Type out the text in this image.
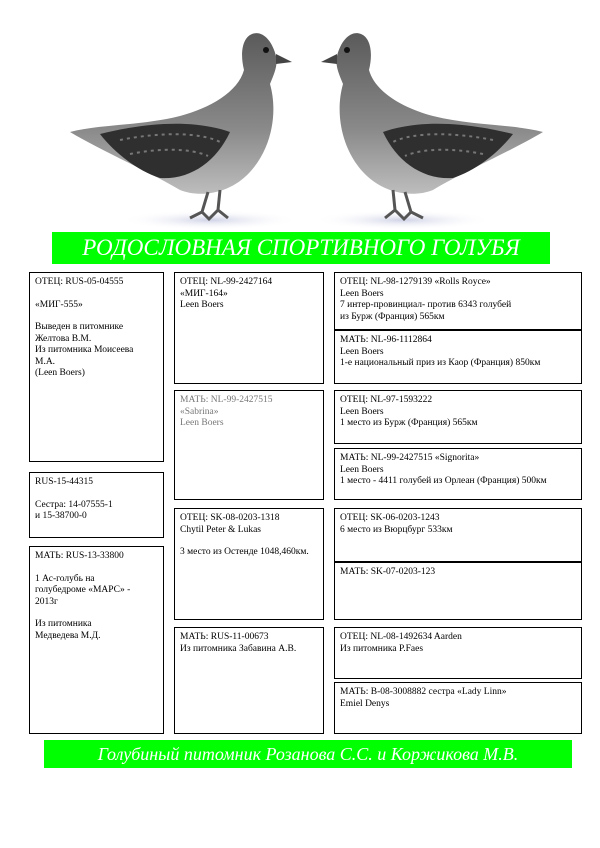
РОДОСЛОВНАЯ СПОРТИВНОГО ГОЛУБЯ
ОТЕЦ: RUS-05-04555
«МИГ-555»
Выведен в питомнике
Желтова В.М.
Из питомника Моисеева
М.А.
(Leen Boers)
RUS-15-44315
Сестра: 14-07555-1
и 15-38700-0
МАТЬ: RUS-13-33800
1 Ас-голубь на
голубедроме «МАРС» -
2013г
Из питомника
Медведева М.Д.
ОТЕЦ: NL-99-2427164
«МИГ-164»
Leen Boers
МАТЬ: NL-99-2427515
«Sabrina»
Leen Boers
ОТЕЦ: SK-08-0203-1318
Chytil Peter & Lukas
3 место из Остенде 1048,460км.
МАТЬ: RUS-11-00673
Из питомника Забавина А.В.
ОТЕЦ: NL-98-1279139 «Rolls Royce»
Leen Boers
7 интер-провинциал- против 6343 голубей
из Бурж (Франция) 565км
МАТЬ: NL-96-1112864
Leen Boers
1-е национальный приз из Каор (Франция) 850км
ОТЕЦ: NL-97-1593222
Leen Boers
1 место из Бурж (Франция) 565км
МАТЬ: NL-99-2427515 «Signorita»
Leen Boers
1 место - 4411 голубей из Орлеан (Франция) 500км
ОТЕЦ: SK-06-0203-1243
6 место из Вюрцбург 533км
МАТЬ: SK-07-0203-123
ОТЕЦ: NL-08-1492634 Aarden
Из питомника P.Faes
МАТЬ: B-08-3008882 сестра «Lady Linn»
Emiel Denys
Голубиный питомник Розанова С.С. и Коржикова М.В.
